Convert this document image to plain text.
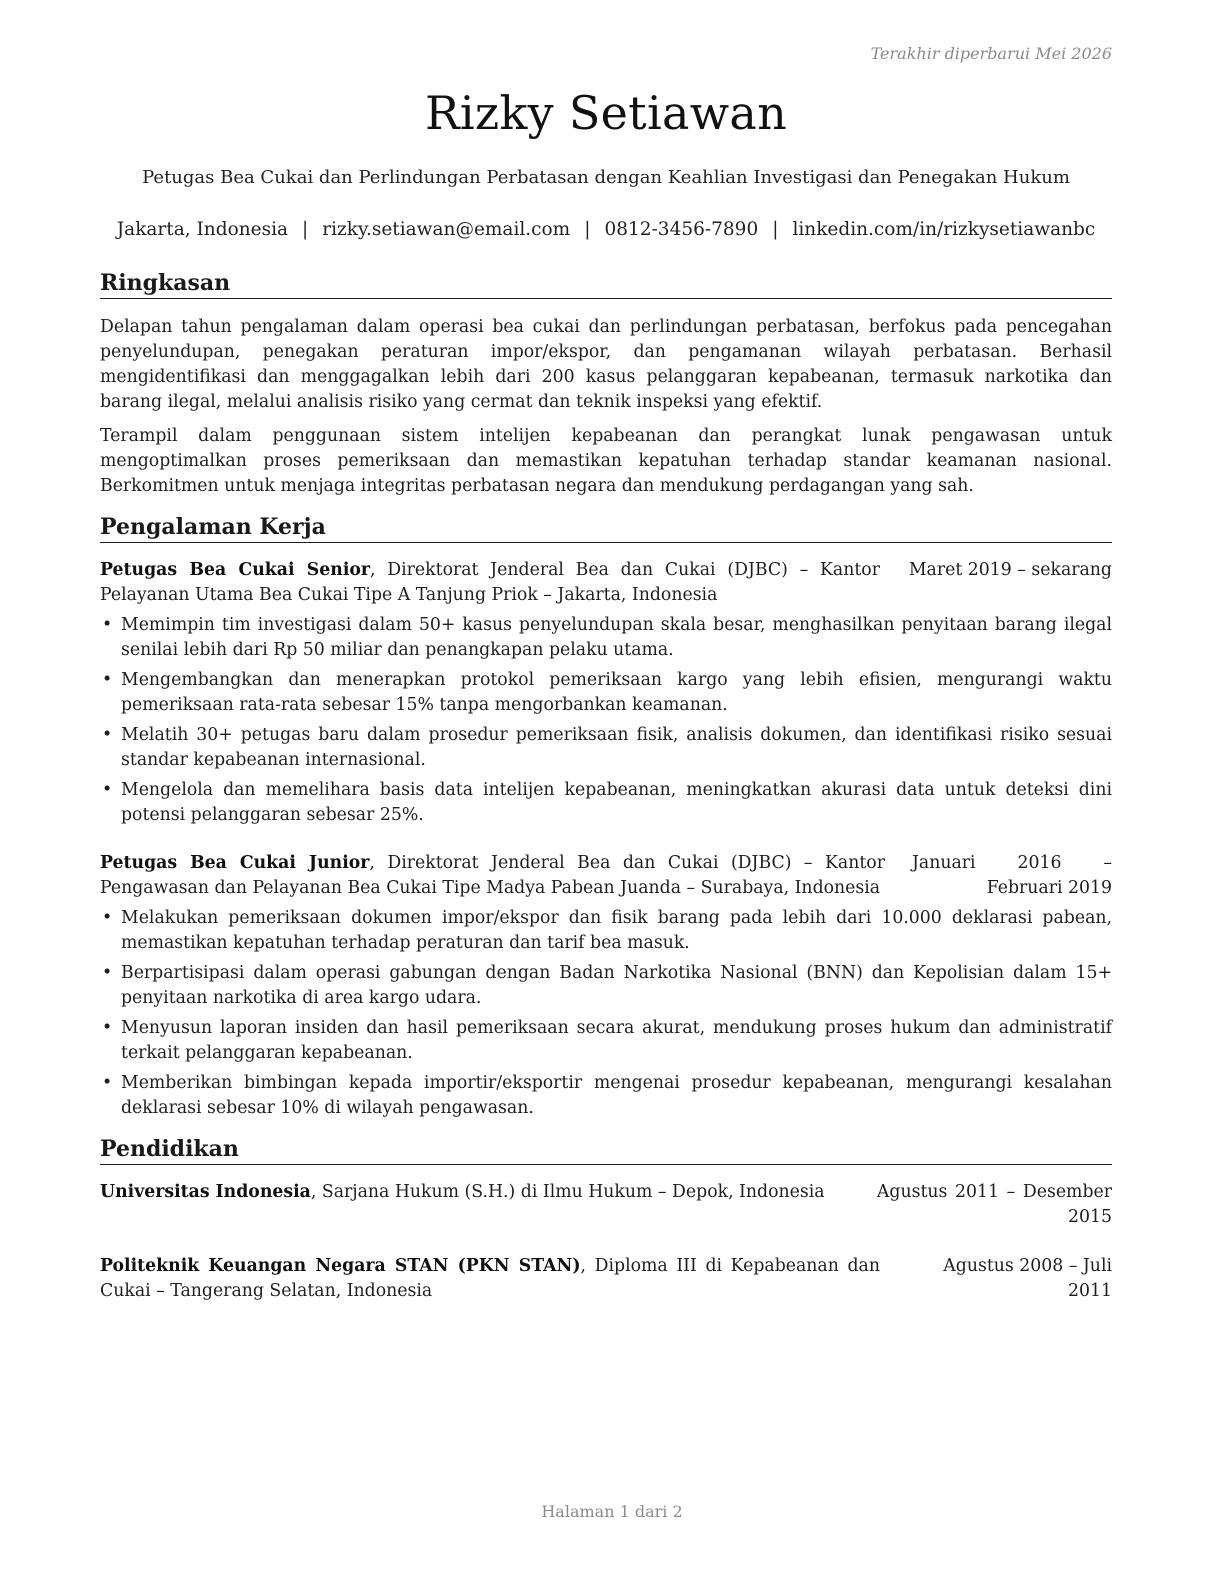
Terakhir diperbarui Mei 2026
Rizky Setiawan
Petugas Bea Cukai dan Perlindungan Perbatasan dengan Keahlian Investigasi dan Penegakan Hukum
Jakarta, Indonesia | rizky.setiawan@email.com | 0812-3456-7890 | linkedin.com/in/rizkysetiawanbc
Ringkasan
Delapan tahun pengalaman dalam operasi bea cukai dan perlindungan perbatasan, berfokus pada pencegahan penyelundupan, penegakan peraturan impor/ekspor, dan pengamanan wilayah perbatasan. Berhasil mengidentifikasi dan menggagalkan lebih dari 200 kasus pelanggaran kepabeanan, termasuk narkotika dan barang ilegal, melalui analisis risiko yang cermat dan teknik inspeksi yang efektif.
Terampil dalam penggunaan sistem intelijen kepabeanan dan perangkat lunak pengawasan untuk mengoptimalkan proses pemeriksaan dan memastikan kepatuhan terhadap standar keamanan nasional. Berkomitmen untuk menjaga integritas perbatasan negara dan mendukung perdagangan yang sah.
Pengalaman Kerja
Petugas Bea Cukai Senior, Direktorat Jenderal Bea dan Cukai (DJBC) – Kantor Pelayanan Utama Bea Cukai Tipe A Tanjung Priok – Jakarta, Indonesia
Maret 2019 – sekarang
• Memimpin tim investigasi dalam 50+ kasus penyelundupan skala besar, menghasilkan penyitaan barang ilegal senilai lebih dari Rp 50 miliar dan penangkapan pelaku utama.
• Mengembangkan dan menerapkan protokol pemeriksaan kargo yang lebih efisien, mengurangi waktu pemeriksaan rata-rata sebesar 15% tanpa mengorbankan keamanan.
• Melatih 30+ petugas baru dalam prosedur pemeriksaan fisik, analisis dokumen, dan identifikasi risiko sesuai standar kepabeanan internasional.
• Mengelola dan memelihara basis data intelijen kepabeanan, meningkatkan akurasi data untuk deteksi dini potensi pelanggaran sebesar 25%.
Petugas Bea Cukai Junior, Direktorat Jenderal Bea dan Cukai (DJBC) – Kantor Pengawasan dan Pelayanan Bea Cukai Tipe Madya Pabean Juanda – Surabaya, Indonesia
Januari 2016 – Februari 2019
• Melakukan pemeriksaan dokumen impor/ekspor dan fisik barang pada lebih dari 10.000 deklarasi pabean, memastikan kepatuhan terhadap peraturan dan tarif bea masuk.
• Berpartisipasi dalam operasi gabungan dengan Badan Narkotika Nasional (BNN) dan Kepolisian dalam 15+ penyitaan narkotika di area kargo udara.
• Menyusun laporan insiden dan hasil pemeriksaan secara akurat, mendukung proses hukum dan administratif terkait pelanggaran kepabeanan.
• Memberikan bimbingan kepada importir/eksportir mengenai prosedur kepabeanan, mengurangi kesalahan deklarasi sebesar 10% di wilayah pengawasan.
Pendidikan
Universitas Indonesia, Sarjana Hukum (S.H.) di Ilmu Hukum – Depok, Indonesia	Agustus 2011 – Desember 2015
Politeknik Keuangan Negara STAN (PKN STAN), Diploma III di Kepabeanan dan Cukai – Tangerang Selatan, Indonesia
Agustus 2008 – Juli 2011
Halaman 1 dari 2
